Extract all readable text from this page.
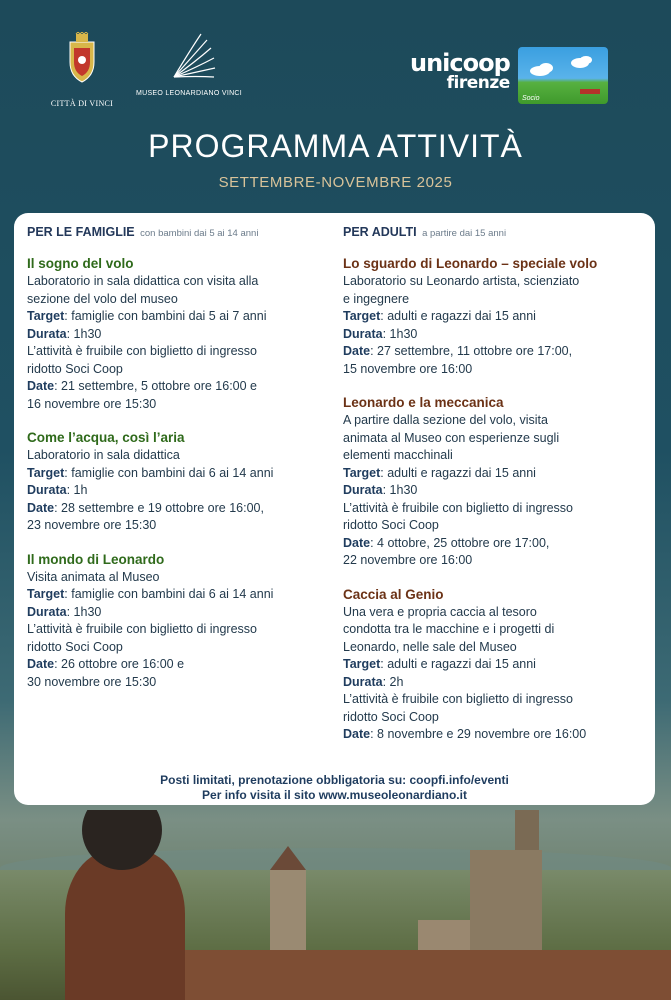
CITTÀ DI VINCI
MUSEO LEONARDIANO VINCI
unicoop
firenze
Socio
PROGRAMMA ATTIVITÀ
SETTEMBRE-NOVEMBRE 2025
PER LE FAMIGLIE con bambini dai 5 ai 14 anni
Il sogno del volo
Laboratorio in sala didattica con visita alla
sezione del volo del museo
Target: famiglie con bambini dai 5 ai 7 anni
Durata: 1h30
L’attività è fruibile con biglietto di ingresso
ridotto Soci Coop
Date: 21 settembre, 5 ottobre ore 16:00 e
16 novembre ore 15:30
Come l’acqua, così l’aria
Laboratorio in sala didattica
Target: famiglie con bambini dai 6 ai 14 anni
Durata: 1h
Date: 28 settembre e 19 ottobre ore 16:00,
23 novembre ore 15:30
Il mondo di Leonardo
Visita animata al Museo
Target: famiglie con bambini dai 6 ai 14 anni
Durata: 1h30
L’attività è fruibile con biglietto di ingresso
ridotto Soci Coop
Date: 26 ottobre ore 16:00 e
30 novembre ore 15:30
PER ADULTI a partire dai 15 anni
Lo sguardo di Leonardo – speciale volo
Laboratorio su Leonardo artista, scienziato
e ingegnere
Target: adulti e ragazzi dai 15 anni
Durata: 1h30
Date: 27 settembre, 11 ottobre ore 17:00,
15 novembre ore 16:00
Leonardo e la meccanica
A partire dalla sezione del volo, visita
animata al Museo con esperienze sugli
elementi macchinali
Target: adulti e ragazzi dai 15 anni
Durata: 1h30
L’attività è fruibile con biglietto di ingresso
ridotto Soci Coop
Date: 4 ottobre, 25 ottobre ore 17:00,
22 novembre ore 16:00
Caccia al Genio
Una vera e propria caccia al tesoro
condotta tra le macchine e i progetti di
Leonardo, nelle sale del Museo
Target: adulti e ragazzi dai 15 anni
Durata: 2h
L’attività è fruibile con biglietto di ingresso
ridotto Soci Coop
Date: 8 novembre e 29 novembre ore 16:00
Posti limitati, prenotazione obbligatoria su: coopfi.info/eventi
Per info visita il sito www.museoleonardiano.it
